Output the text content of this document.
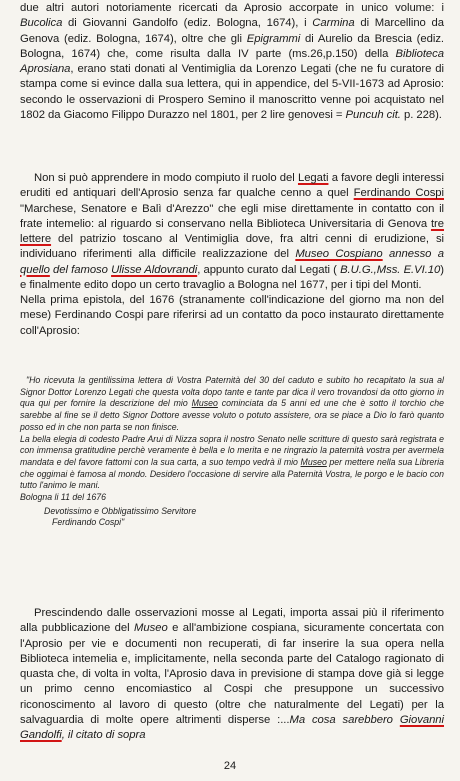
due altri autori notoriamente ricercati da Aprosio accorpate in unico volume: i Bucolica di Giovanni Gandolfo (ediz. Bologna, 1674), i Carmina di Marcellino da Genova (ediz. Bologna, 1674), oltre che gli Epigrammi di Aurelio da Brescia (ediz. Bologna, 1674) che, come risulta dalla IV parte (ms.26,p.150) della Biblioteca Aprosiana, erano stati donati al Ventimiglia da Lorenzo Legati (che ne fu curatore di stampa come si evince dalla sua lettera, qui in appendice, del 5-VII-1673 ad Aprosio: secondo le osservazioni di Prospero Semino il manoscritto venne poi acquistato nel 1802 da Giacomo Filippo Durazzo nel 1801, per 2 lire genovesi = Puncuh cit. p. 228).

Non si può apprendere in modo compiuto il ruolo del Legati a favore degli interessi eruditi ed antiquari dell'Aprosio senza far qualche cenno a quel Ferdinando Cospi "Marchese, Senatore e Balì d'Arezzo" che egli mise direttamente in contatto con il frate intemelio: al riguardo si conservano nella Biblioteca Universitaria di Genova tre lettere del patrizio toscano al Ventimiglia dove, fra altri cenni di erudizione, si individuano riferimenti alla difficile realizzazione del Museo Cospiano annesso a quello del famoso Ulisse Aldovrandi, appunto curato dal Legati ( B.U.G.,Mss. E.VI.10) e finalmente edito dopo un certo travaglio a Bologna nel 1677, per i tipi del Monti.
Nella prima epistola, del 1676 (stranamente coll'indicazione del giorno ma non del mese) Ferdinando Cospi pare riferirsi ad un contatto da poco instaurato direttamente coll'Aprosio:

"Ho ricevuta la gentilissima lettera di Vostra Paternità del 30 del caduto e subito ho recapitato la sua al Signor Dottor Lorenzo Legati che questa volta dopo tante e tante par dica il vero trovandosi da otto giorno in qua qui per fornire la descrizione del mio Museo cominciata da 5 anni ed une che è sotto il torchio che sarebbe al fine se il detto Signor Dottore avesse voluto o potuto assistere, ora se piace a Dio lo farò quanto posso ed in che non parta se non finisce.

La bella elegia di codesto Padre Arui di Nizza sopra il nostro Senato nelle scritture di questo sarà registrata e con immensa gratitudine perchè veramente è bella e lo merita e ne ringrazio la paternità vostra per avermela mandata e del favore fattomi con la sua carta, a suo tempo vedrà il mio Museo per mettere nella sua Libreria che oggimai è famosa al mondo. Desidero l'occasione di servire alla Paternità Vostra, le porgo e le bacio con tutto l'animo le mani.

Bologna li 11 del 1676

Devotissimo e Obbligatissimo Servitore

Ferdinando Cospi"

Prescindendo dalle osservazioni mosse al Legati, importa assai più il riferimento alla pubblicazione del Museo e all'ambizione cospiana, sicuramente concertata con l'Aprosio per vie e documenti non recuperati, di far inserire la sua opera nella Biblioteca intemelia e, implicitamente, nella seconda parte del Catalogo ragionato di quasta che, di volta in volta, l'Aprosio dava in previsione di stampa dove già si legge un primo cenno encomiastico al Cospi che presuppone un successivo riconoscimento al lavoro di questo (oltre che naturalmente del Legati) per la salvaguardia di molte opere altrimenti disperse :...Ma cosa sarebbero Giovanni Gandolfi, il citato di sopra

24
